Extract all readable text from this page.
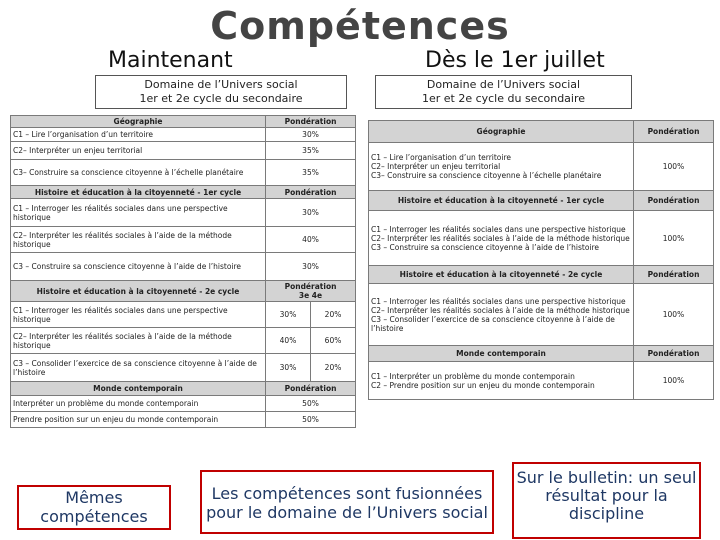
Compétences
Maintenant	Dès le 1er juillet
Domaine de l’Univers social
1er et 2e cycle du secondaire
Domaine de l’Univers social
1er et 2e cycle du secondaire
Géographie	Pondération	
C1 – Lire l’organisation d’un territoire	30%	
C2– Interpréter un enjeu territorial	35%	
C3– Construire sa conscience citoyenne à l’échelle planétaire	35%	
Histoire et éducation à la citoyenneté - 1er cycle	Pondération	
C1 – Interroger les réalités sociales dans une perspective historique	30%	
C2– Interpréter les réalités sociales à l’aide de la méthode historique	40%	
C3 – Construire sa conscience citoyenne à l’aide de l’histoire	30%	
Histoire et éducation à la citoyenneté - 2e cycle	Pondération
3e 4e	
C1 – Interroger les réalités sociales dans une perspective historique	30%	20%
C2– Interpréter les réalités sociales à l’aide de la méthode historique	40%	60%
C3 – Consolider l’exercice de sa conscience citoyenne à l’aide de l’histoire	30%	20%
Monde contemporain	Pondération	
Interpréter un problème du monde contemporain	50%	
Prendre position sur un enjeu du monde contemporain	50%	
Géographie	Pondération
C1 – Lire l’organisation d’un territoire
C2– Interpréter un enjeu territorial
C3– Construire sa conscience citoyenne à l’échelle planétaire	100%
Histoire et éducation à la citoyenneté - 1er cycle	Pondération
C1 – Interroger les réalités sociales dans une perspective historique
C2– Interpréter les réalités sociales à l’aide de la méthode historique
C3 – Construire sa conscience citoyenne à l’aide de l’histoire	100%
Histoire et éducation à la citoyenneté - 2e cycle	Pondération
C1 – Interroger les réalités sociales dans une perspective historique
C2– Interpréter les réalités sociales à l’aide de la méthode historique
C3 – Consolider l’exercice de sa conscience citoyenne à l’aide de l’histoire	100%
Monde contemporain	Pondération
C1 – Interpréter un problème du monde contemporain
C2 – Prendre position sur un enjeu du monde contemporain	100%
Mêmes compétences
Les compétences sont fusionnées pour le domaine de l’Univers social
Sur le bulletin: un seul résultat pour la discipline
